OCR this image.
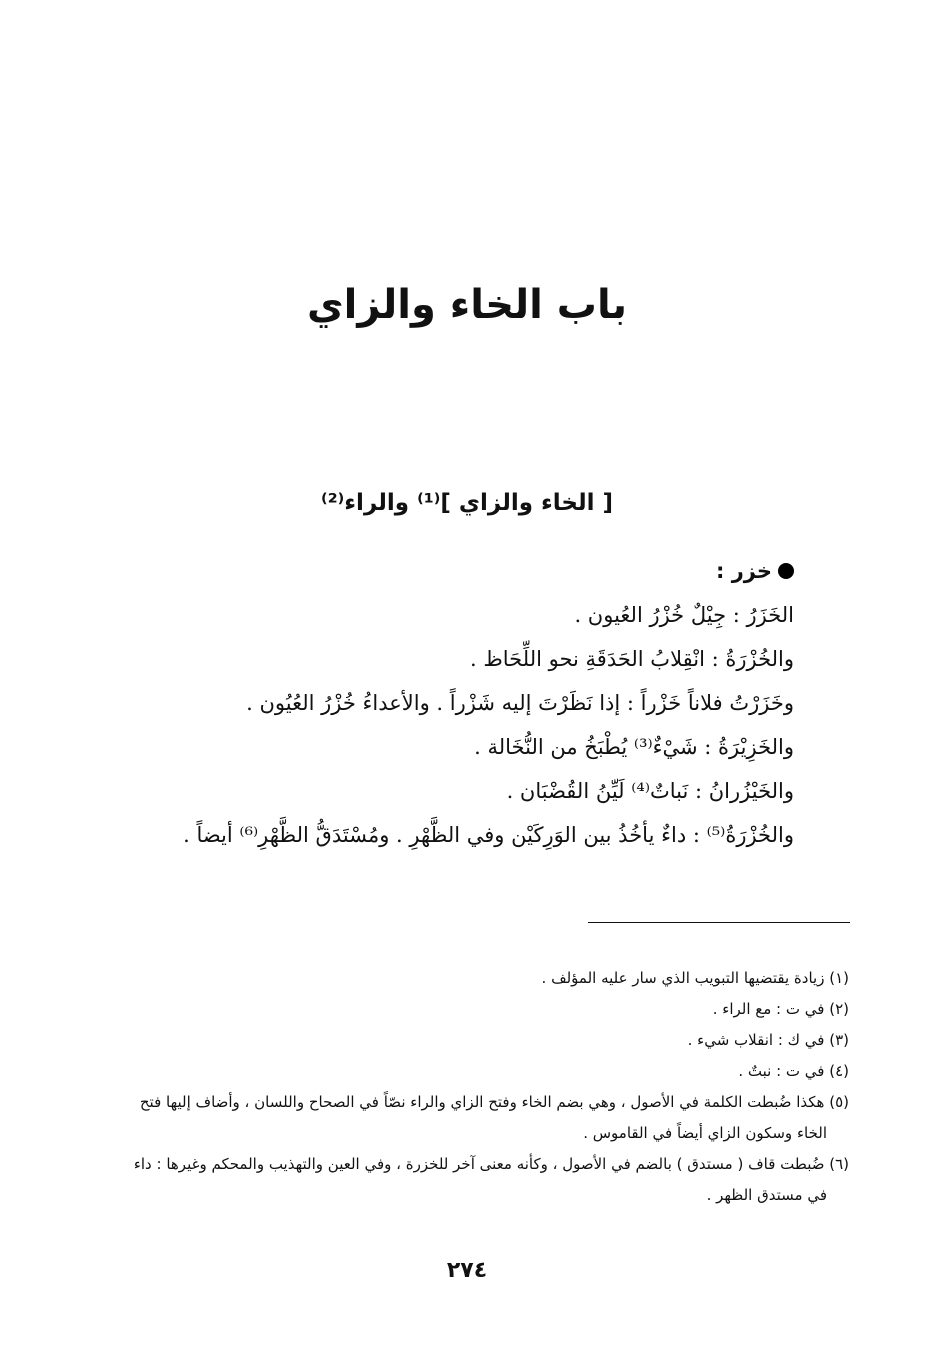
باب الخاء والزاي
[ الخاء والزاي ]⁽¹⁾ والراء⁽²⁾
خزر :
الخَزَرُ : جِيْلٌ خُزْرُ العُيون .
والخُزْرَةُ : انْقِلابُ الحَدَقَةِ نحو اللِّحَاظ .
وخَزَرْتُ فلاناً خَزْراً : إذا نَظَرْتَ إليه شَزْراً . والأعداءُ خُزْرُ العُيُون .
والخَزِيْرَةُ : شَيْءٌ⁽³⁾ يُطْبَخُ من النُّخَالة .
والخَيْزُرانُ : نَباتٌ⁽⁴⁾ لَيِّنُ القُضْبَان .
والخُزْرَةُ⁽⁵⁾ : داءٌ يأخُذُ بين الوَرِكَيْن وفي الظَّهْرِ . ومُسْتَدَقُّ الظَّهْرِ⁽⁶⁾ أيضاً .

(١) زيادة يقتضيها التبويب الذي سار عليه المؤلف .

(٢) في ت : مع الراء .

(٣) في ك : انقلاب شيء .

(٤) في ت : نبتٌ .

(٥) هكذا ضُبطت الكلمة في الأصول ، وهي بضم الخاء وفتح الزاي والراء نصّاً في الصحاح واللسان ، وأضاف إليها فتح الخاء وسكون الزاي أيضاً في القاموس .

(٦) ضُبطت قاف ( مستدق ) بالضم في الأصول ، وكأنه معنى آخر للخزرة ، وفي العين والتهذيب والمحكم وغيرها : داء في مستدق الظهر .

٢٧٤
